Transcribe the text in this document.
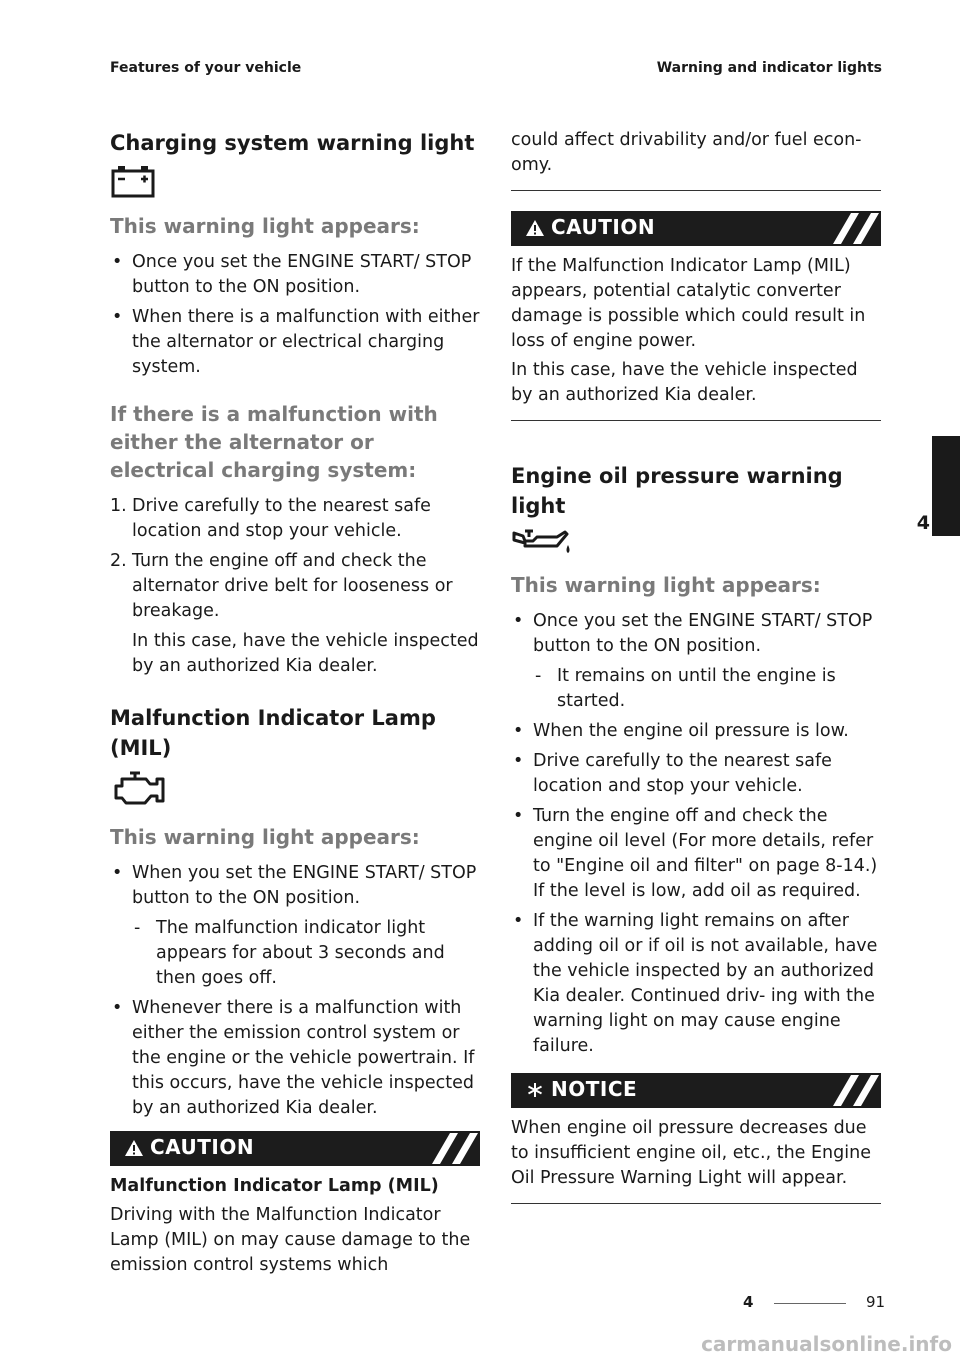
Features of your vehicle	Warning and indicator lights
Charging system warning light
This warning light appears:
• Once you set the ENGINE START/ STOP button to the ON position.
• When there is a malfunction with either the alternator or electrical charging system.
If there is a malfunction with either the alternator or electrical charging system:
1. Drive carefully to the nearest safe location and stop your vehicle.
2. Turn the engine off and check the alternator drive belt for looseness or breakage.
In this case, have the vehicle inspected by an authorized Kia dealer.
Malfunction Indicator Lamp (MIL)
This warning light appears:
• When you set the ENGINE START/ STOP button to the ON position.
- The malfunction indicator light appears for about 3 seconds and then goes off.
• Whenever there is a malfunction with either the emission control system or the engine or the vehicle powertrain. If this occurs, have the vehicle inspected by an authorized Kia dealer.
CAUTION
Malfunction Indicator Lamp (MIL)

Driving with the Malfunction Indicator Lamp (MIL) on may cause damage to the emission control systems which

could affect drivability and/or fuel econ- omy.

CAUTION

If the Malfunction Indicator Lamp (MIL) appears, potential catalytic converter damage is possible which could result in loss of engine power.

In this case, have the vehicle inspected by an authorized Kia dealer.

Engine oil pressure warning light
This warning light appears:
• Once you set the ENGINE START/ STOP button to the ON position.
- It remains on until the engine is started.
• When the engine oil pressure is low.
• Drive carefully to the nearest safe location and stop your vehicle.
• Turn the engine off and check the engine oil level (For more details, refer to "Engine oil and filter" on page 8-14.) If the level is low, add oil as required.
• If the warning light remains on after adding oil or if oil is not available, have the vehicle inspected by an authorized Kia dealer. Continued driv- ing with the warning light on may cause engine failure.
NOTICE

When engine oil pressure decreases due to insufficient engine oil, etc., the Engine Oil Pressure Warning Light will appear.

4
4	91
carmanualsonline.info
